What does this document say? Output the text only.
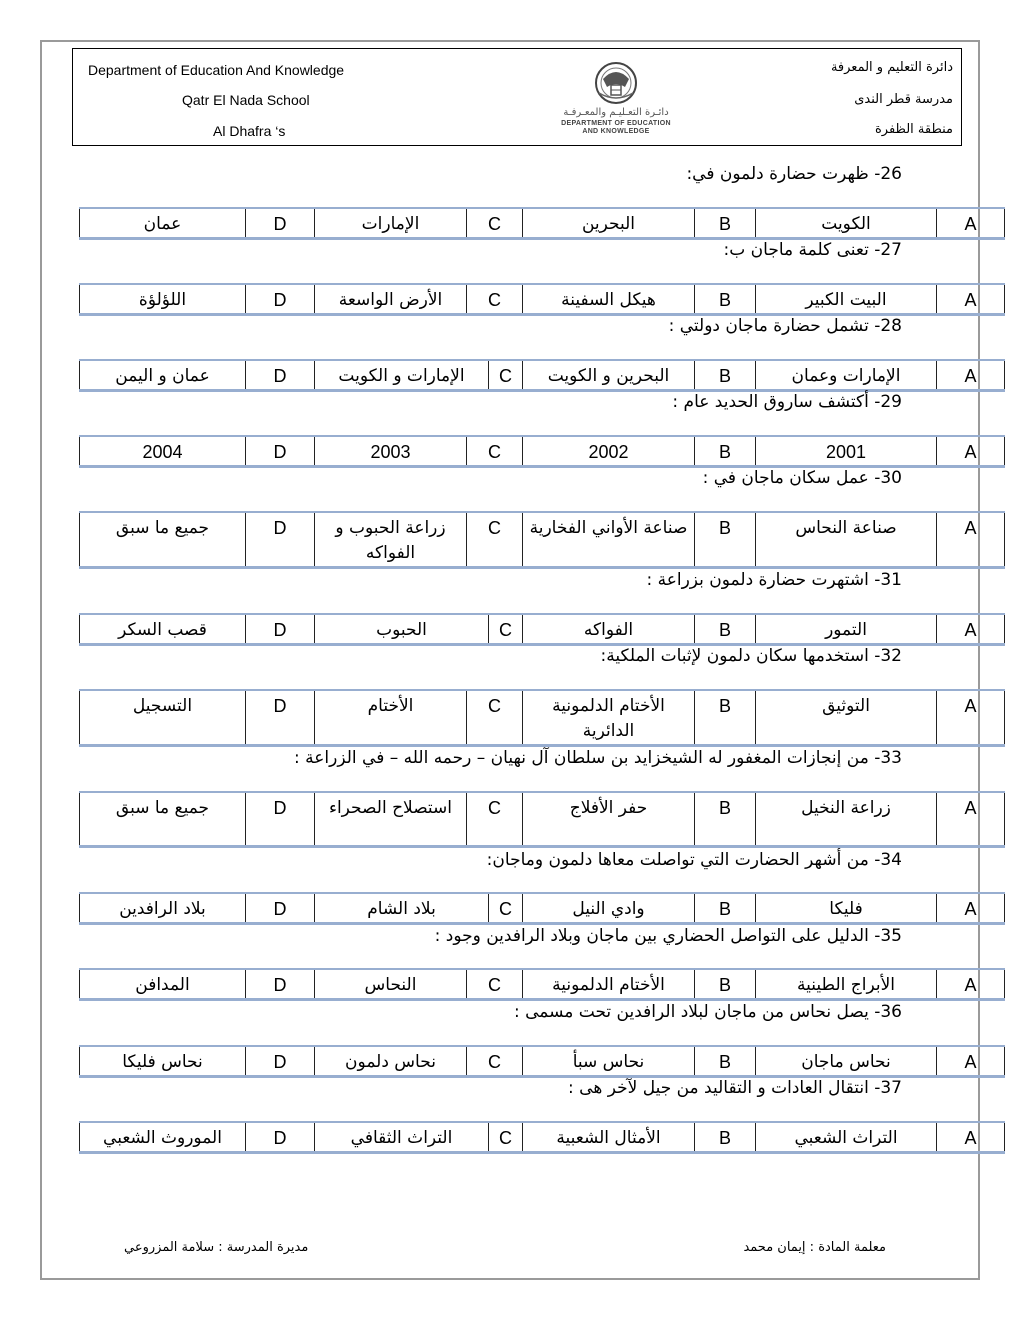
Department of Education And Knowledge
Qatr El Nada School
Al Dhafra ‘s
دائرة التعليم و المعرفة
مدرسة قطر الندى
منطقة الظفرة
دائـرة التعـليـم والمعـرفـة
DEPARTMENT OF EDUCATION
AND KNOWLEDGE
26- ظهرت حضارة دلمون في:
عمان	D	الإمارات	C	البحرين	B	الكويت	A
27- تعنى كلمة ماجان ب:
اللؤلؤة	D	الأرض الواسعة	C	هيكل السفينة	B	البيت الكبير	A
28- تشمل حضارة ماجان دولتي :
عمان و اليمن	D	الإمارات و الكويت	C	البحرين و الكويت	B	الإمارات وعمان	A
29- أكتشف ساروق الحديد عام :
2004	D	2003	C	2002	B	2001	A
30- عمل سكان ماجان في :
جميع ما سبق	D	زراعة الحبوب و الفواكه	C	صناعة الأواني الفخارية	B	صناعة النحاس	A
31- اشتهرت حضارة دلمون بزراعة :
قصب السكر	D	الحبوب	C	الفواكه	B	التمور	A
32- استخدمها سكان دلمون لإثبات الملكية:
التسجيل	D	الأختام	C	الأختام الدلمونية الدائرية	B	التوثيق	A
33- من إنجازات المغفور له الشيخزايد بن سلطان آل نهيان – رحمه الله – في الزراعة :
جميع ما سبق	D	استصلاح الصحراء	C	حفر الأفلاج	B	زراعة النخيل	A
34- من أشهر الحضارت التي تواصلت معاها دلمون وماجان:
بلاد الرافدين	D	بلاد الشام	C	وادي النيل	B	فليكا	A
35- الدليل على التواصل الحضاري بين ماجان وبلاد الرافدين وجود :
المدافن	D	النحاس	C	الأختام الدلمونية	B	الأبراج الطينية	A
36- يصل نحاس من ماجان لبلاد الرافدين تحت مسمى :
نحاس فليكا	D	نحاس دلمون	C	نحاس سبأ	B	نحاس ماجان	A
37- انتقال العادات و التقاليد من جيل لآخر هى :
الموروث الشعبي	D	التراث الثقافي	C	الأمثال الشعبية	B	التراث الشعبي	A
معلمة المادة : إيمان محمد
مديرة المدرسة : سلامة المزروعي
